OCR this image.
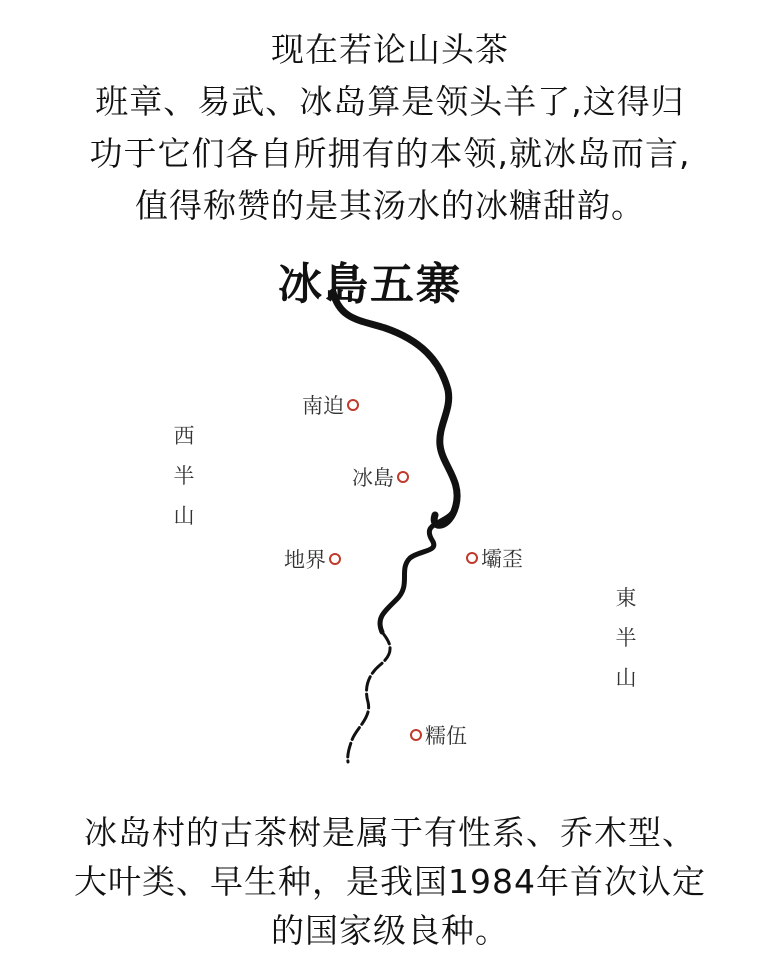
现在若论山头茶
班章、易武、冰岛算是领头羊了,这得归
功于它们各自所拥有的本领,就冰岛而言,
值得称赞的是其汤水的冰糖甜韵。
冰島五寨
南迫
冰島
地界	壩歪
糯伍
西半山
東半山
冰岛村的古茶树是属于有性系、乔木型、
大叶类、早生种，是我国1984年首次认定
的国家级良种。
